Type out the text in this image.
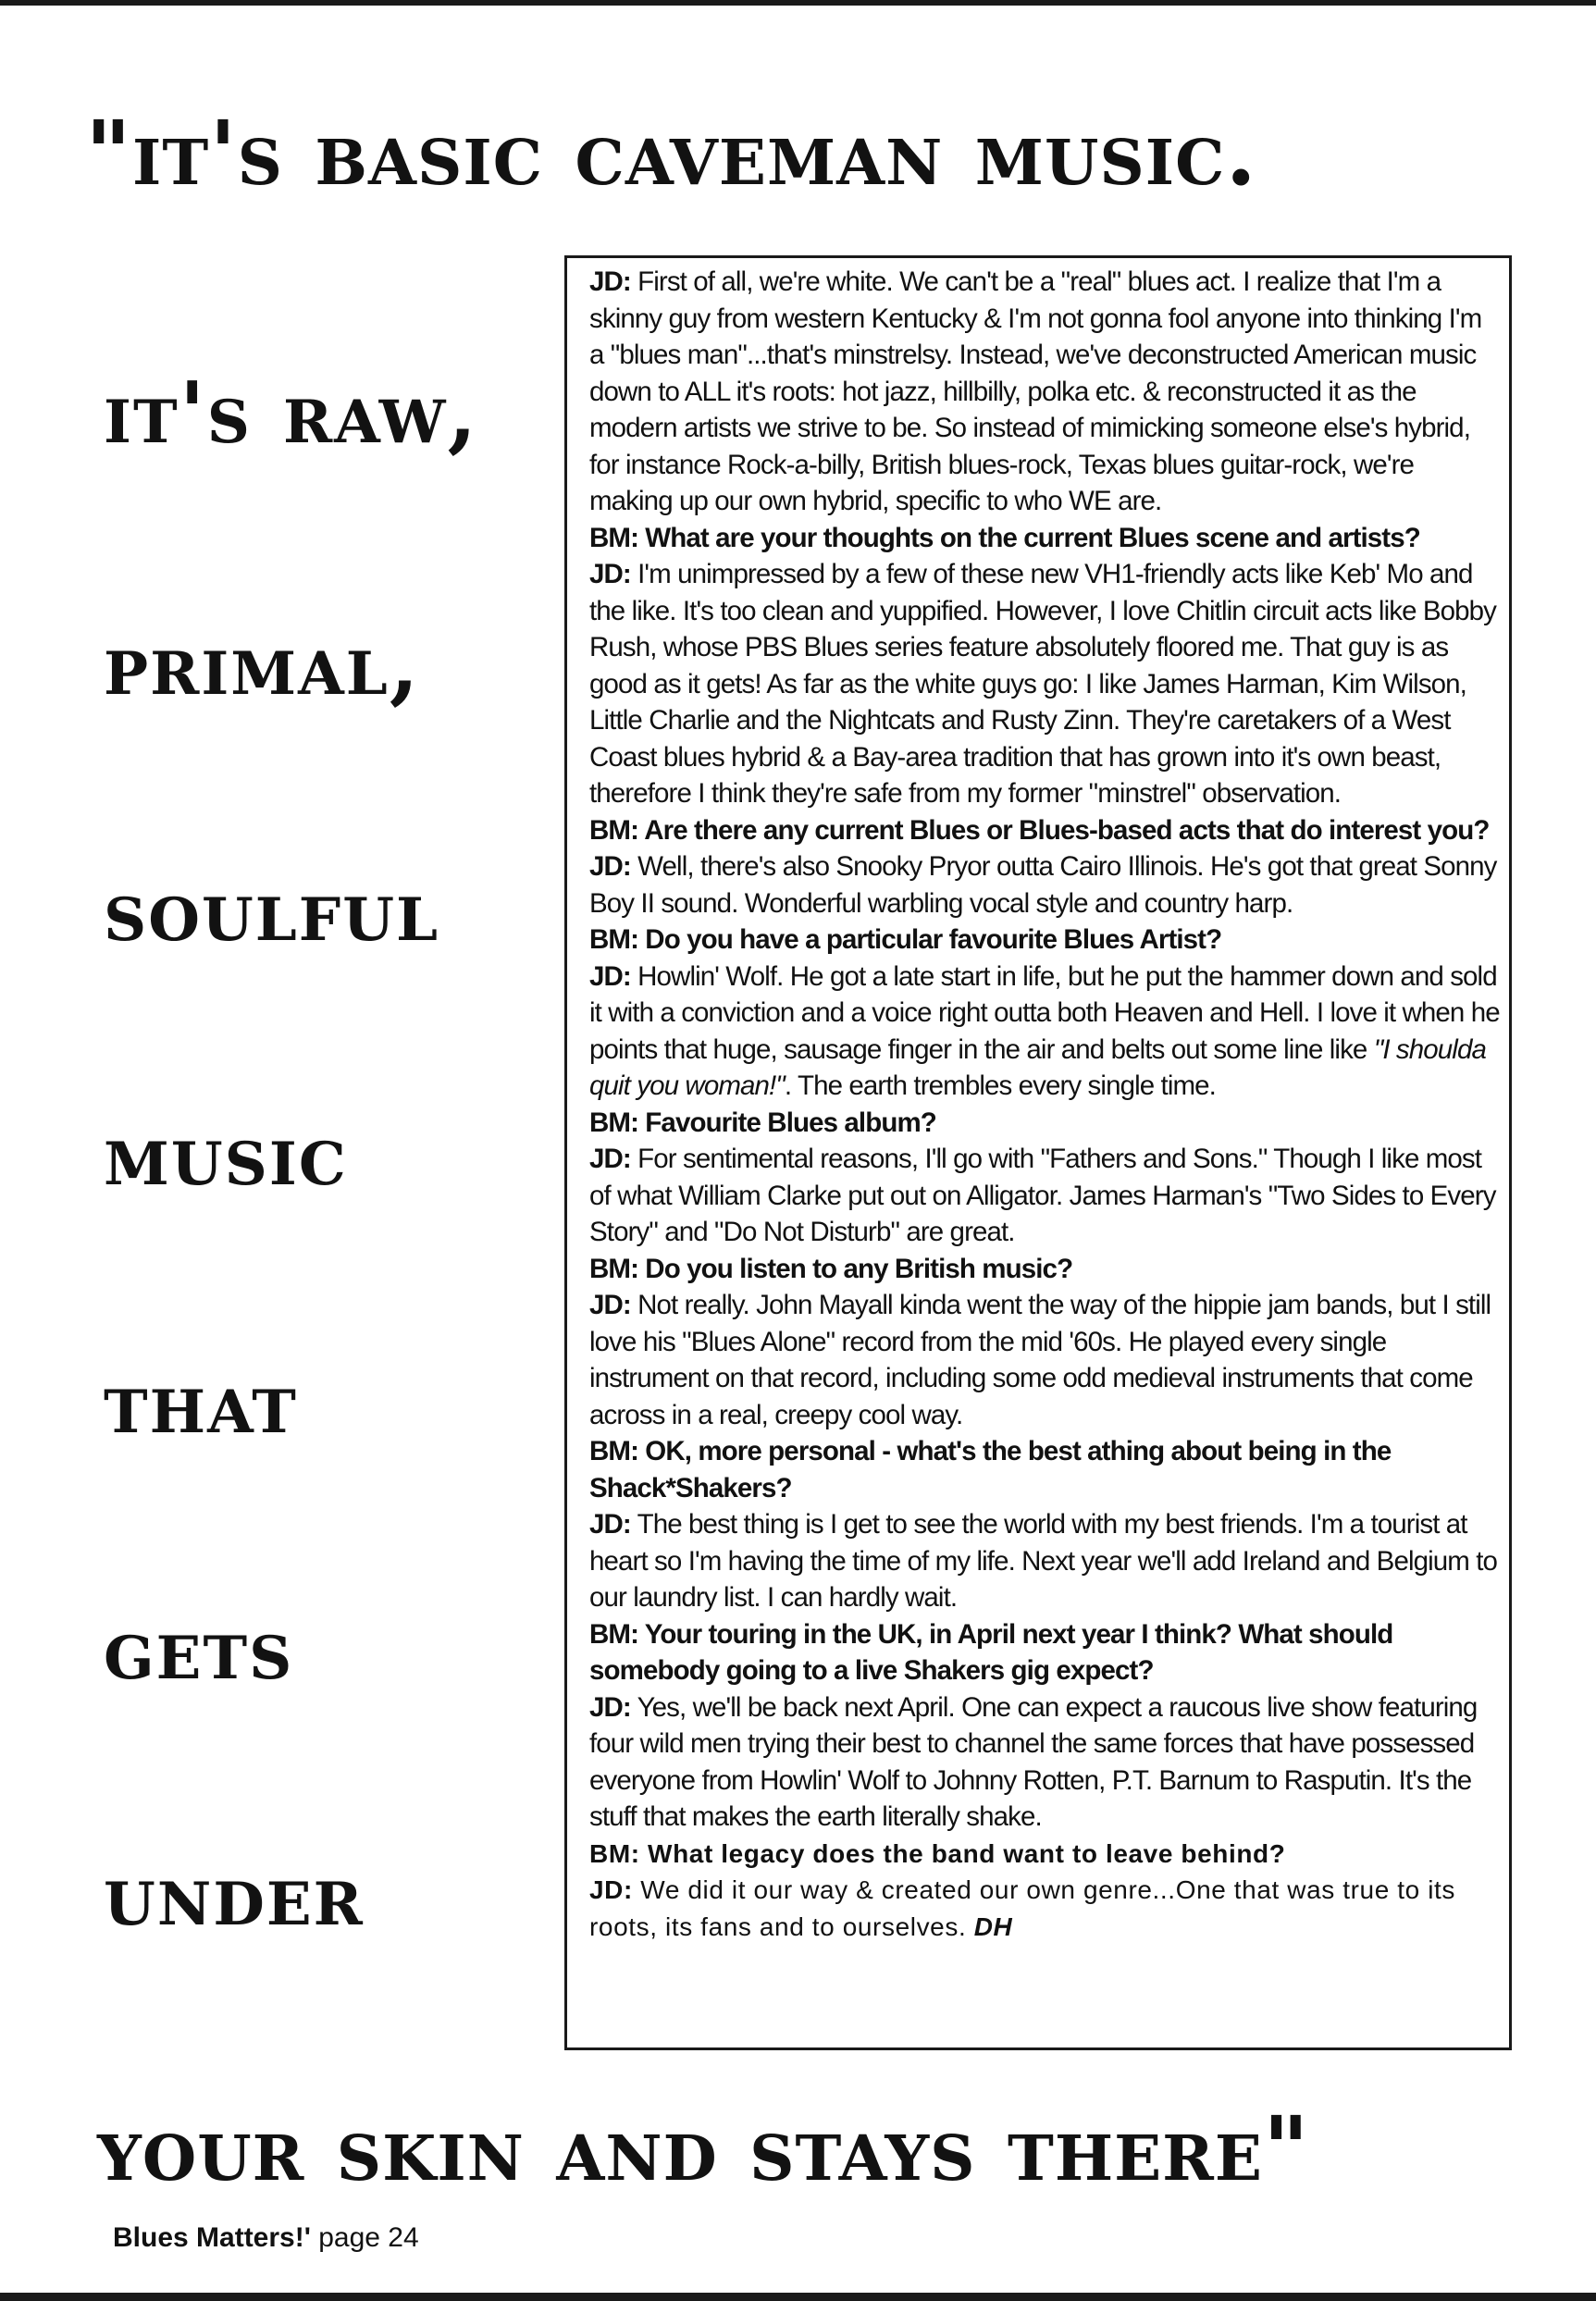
"it's basic caveman music.
it's raw,
primal,
soulful
music
that
gets
under

JD: First of all, we're white. We can't be a "real" blues act. I realize that I'm a skinny guy from western Kentucky & I'm not gonna fool anyone into thinking I'm a "blues man"...that's minstrelsy. Instead, we've deconstructed American music down to ALL it's roots: hot jazz, hillbilly, polka etc. & reconstructed it as the modern artists we strive to be. So instead of mimicking someone else's hybrid, for instance Rock-a-billy, British blues-rock, Texas blues guitar-rock, we're making up our own hybrid, specific to who WE are.

BM: What are your thoughts on the current Blues scene and artists?

JD: I'm unimpressed by a few of these new VH1-friendly acts like Keb' Mo and the like. It's too clean and yuppified. However, I love Chitlin circuit acts like Bobby Rush, whose PBS Blues series feature absolutely floored me. That guy is as good as it gets! As far as the white guys go: I like James Harman, Kim Wilson, Little Charlie and the Nightcats and Rusty Zinn. They're caretakers of a West Coast blues hybrid & a Bay-area tradition that has grown into it's own beast, therefore I think they're safe from my former "minstrel" observation.

BM: Are there any current Blues or Blues-based acts that do interest you?

JD: Well, there's also Snooky Pryor outta Cairo Illinois. He's got that great Sonny Boy II sound. Wonderful warbling vocal style and country harp.

BM: Do you have a particular favourite Blues Artist?

JD: Howlin' Wolf. He got a late start in life, but he put the hammer down and sold it with a conviction and a voice right outta both Heaven and Hell. I love it when he points that huge, sausage finger in the air and belts out some line like "I shoulda quit you woman!". The earth trembles every single time.

BM: Favourite Blues album?

JD: For sentimental reasons, I'll go with "Fathers and Sons." Though I like most of what William Clarke put out on Alligator. James Harman's "Two Sides to Every Story" and "Do Not Disturb" are great.

BM: Do you listen to any British music?

JD: Not really. John Mayall kinda went the way of the hippie jam bands, but I still love his "Blues Alone" record from the mid '60s. He played every single instrument on that record, including some odd medieval instruments that come across in a real, creepy cool way.

BM: OK, more personal - what's the best athing about being in the Shack*Shakers?

JD: The best thing is I get to see the world with my best friends. I'm a tourist at heart so I'm having the time of my life. Next year we'll add Ireland and Belgium to our laundry list. I can hardly wait.

BM: Your touring in the UK, in April next year I think? What should somebody going to a live Shakers gig expect?

JD: Yes, we'll be back next April. One can expect a raucous live show featuring four wild men trying their best to channel the same forces that have possessed everyone from Howlin' Wolf to Johnny Rotten, P.T. Barnum to Rasputin. It's the stuff that makes the earth literally shake.

BM: What legacy does the band want to leave behind?

JD: We did it our way & created our own genre...One that was true to its roots, its fans and to ourselves. DH

your skin and stays there"
Blues Matters!' page 24
